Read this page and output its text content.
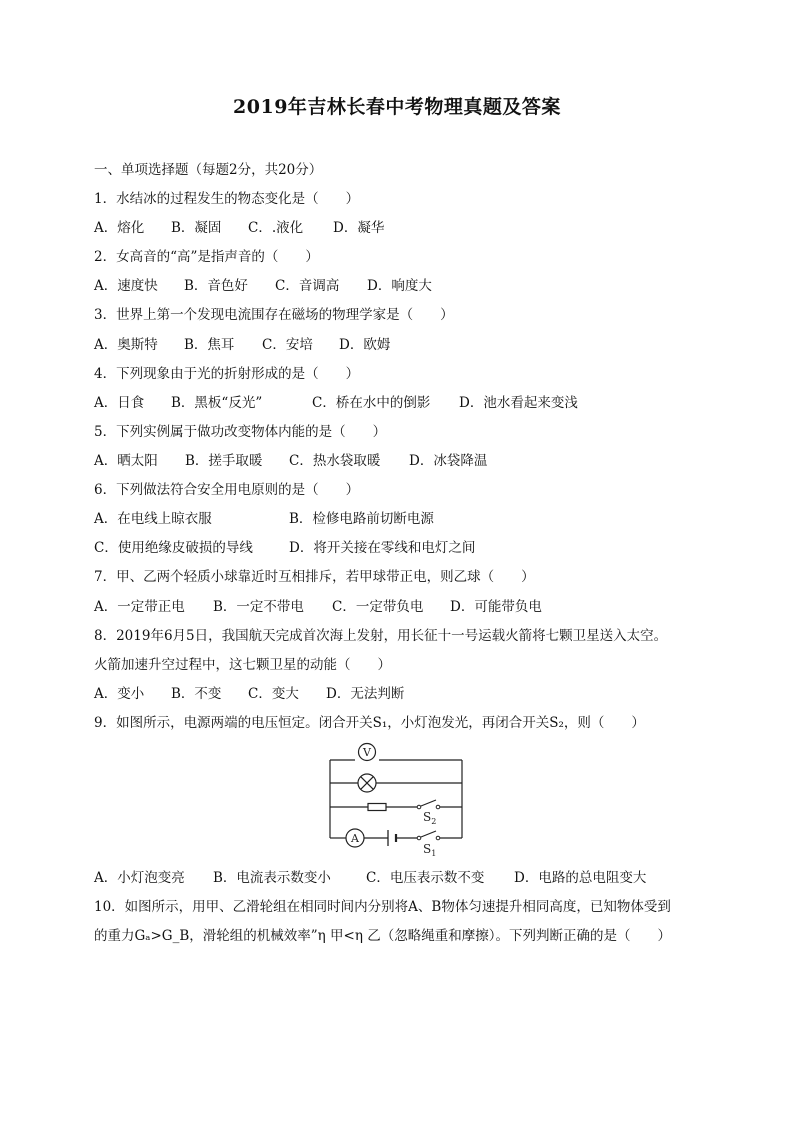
2019年吉林长春中考物理真题及答案
一、单项选择题（每题2分，共20分）
1．水结冰的过程发生的物态变化是（　　）
A．熔化 B．凝固 C．.液化 D．凝华
2．女高音的“高”是指声音的（　　）
A．速度快 B．音色好 C．音调高 D．响度大
3．世界上第一个发现电流围存在磁场的物理学家是（　　）
A．奥斯特 B．焦耳 C．安培 D．欧姆
4．下列现象由于光的折射形成的是（　　）
A．日食 B．黑板“反光”	C．桥在水中的倒影 D．池水看起来变浅
5．下列实例属于做功改变物体内能的是（　　）
A．晒太阳 B．搓手取暖 C．热水袋取暖 D．冰袋降温
6．下列做法符合安全用电原则的是（　　）
A．在电线上晾衣服	B．检修电路前切断电源
C．使用绝缘皮破损的导线	D．将开关接在零线和电灯之间
7．甲、乙两个轻质小球靠近时互相排斥，若甲球带正电，则乙球（　　）
A．一定带正电 B．一定不带电 C．一定带负电 D．可能带负电
8．2019年6月5日，我国航天完成首次海上发射，用长征十一号运载火箭将七颗卫星送入太空。
火箭加速升空过程中，这七颗卫星的动能（　　）
A．变小 B．不变 C．变大 D．无法判断
9．如图所示，电源两端的电压恒定。闭合开关S₁，小灯泡发光，再闭合开关S₂，则（　　）
V
$S_2$
A
$S_1$
A．小灯泡变亮 B．电流表示数变小	C．电压表示数不变 D．电路的总电阻变大
10．如图所示，用甲、乙滑轮组在相同时间内分别将A、B物体匀速提升相同高度，已知物体受到
的重力Gₐ>G_B，滑轮组的机械效率”η 甲<η 乙（忽略绳重和摩擦）。下列判断正确的是（　　）
